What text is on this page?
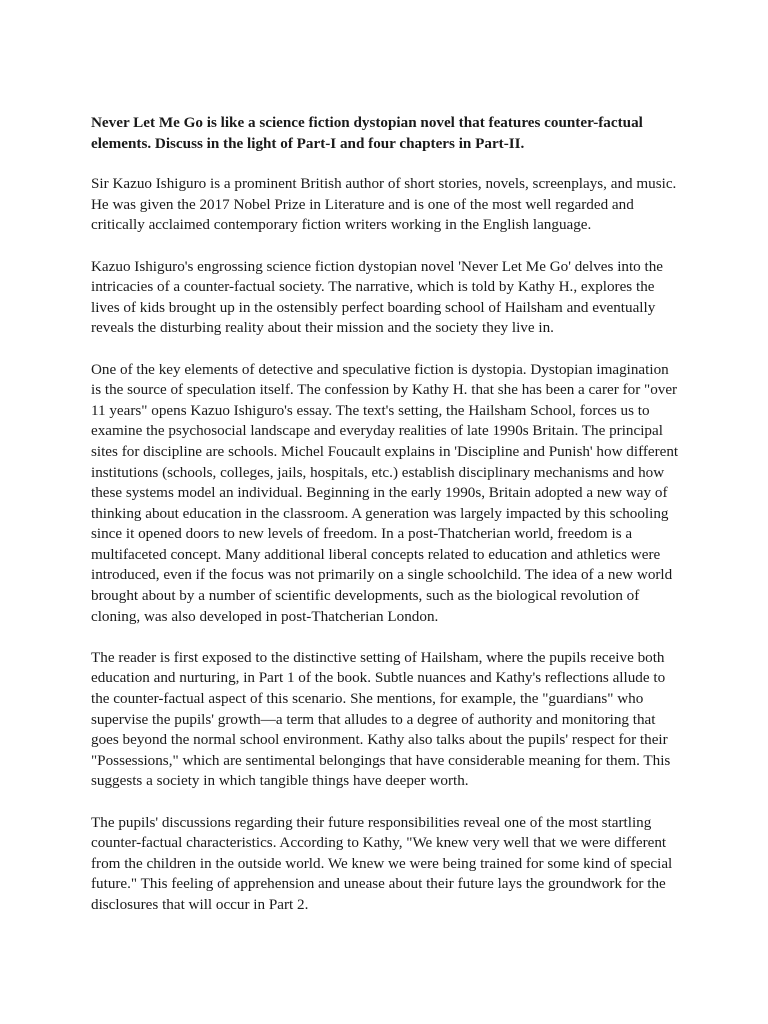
Never Let Me Go is like a science fiction dystopian novel that features counter-factual elements. Discuss in the light of Part-I and four chapters in Part-II.

Sir Kazuo Ishiguro is a prominent British author of short stories, novels, screenplays, and music. He was given the 2017 Nobel Prize in Literature and is one of the most well regarded and critically acclaimed contemporary fiction writers working in the English language.

Kazuo Ishiguro's engrossing science fiction dystopian novel 'Never Let Me Go' delves into the intricacies of a counter-factual society. The narrative, which is told by Kathy H., explores the lives of kids brought up in the ostensibly perfect boarding school of Hailsham and eventually reveals the disturbing reality about their mission and the society they live in.

One of the key elements of detective and speculative fiction is dystopia. Dystopian imagination is the source of speculation itself. The confession by Kathy H. that she has been a carer for "over 11 years" opens Kazuo Ishiguro's essay. The text's setting, the Hailsham School, forces us to examine the psychosocial landscape and everyday realities of late 1990s Britain. The principal sites for discipline are schools. Michel Foucault explains in 'Discipline and Punish' how different institutions (schools, colleges, jails, hospitals, etc.) establish disciplinary mechanisms and how these systems model an individual. Beginning in the early 1990s, Britain adopted a new way of thinking about education in the classroom. A generation was largely impacted by this schooling since it opened doors to new levels of freedom. In a post-Thatcherian world, freedom is a multifaceted concept. Many additional liberal concepts related to education and athletics were introduced, even if the focus was not primarily on a single schoolchild. The idea of a new world brought about by a number of scientific developments, such as the biological revolution of cloning, was also developed in post-Thatcherian London.

The reader is first exposed to the distinctive setting of Hailsham, where the pupils receive both education and nurturing, in Part 1 of the book. Subtle nuances and Kathy's reflections allude to the counter-factual aspect of this scenario. She mentions, for example, the "guardians" who supervise the pupils' growth—a term that alludes to a degree of authority and monitoring that goes beyond the normal school environment. Kathy also talks about the pupils' respect for their "Possessions," which are sentimental belongings that have considerable meaning for them. This suggests a society in which tangible things have deeper worth.

The pupils' discussions regarding their future responsibilities reveal one of the most startling counter-factual characteristics. According to Kathy, "We knew very well that we were different from the children in the outside world. We knew we were being trained for some kind of special future." This feeling of apprehension and unease about their future lays the groundwork for the disclosures that will occur in Part 2.
